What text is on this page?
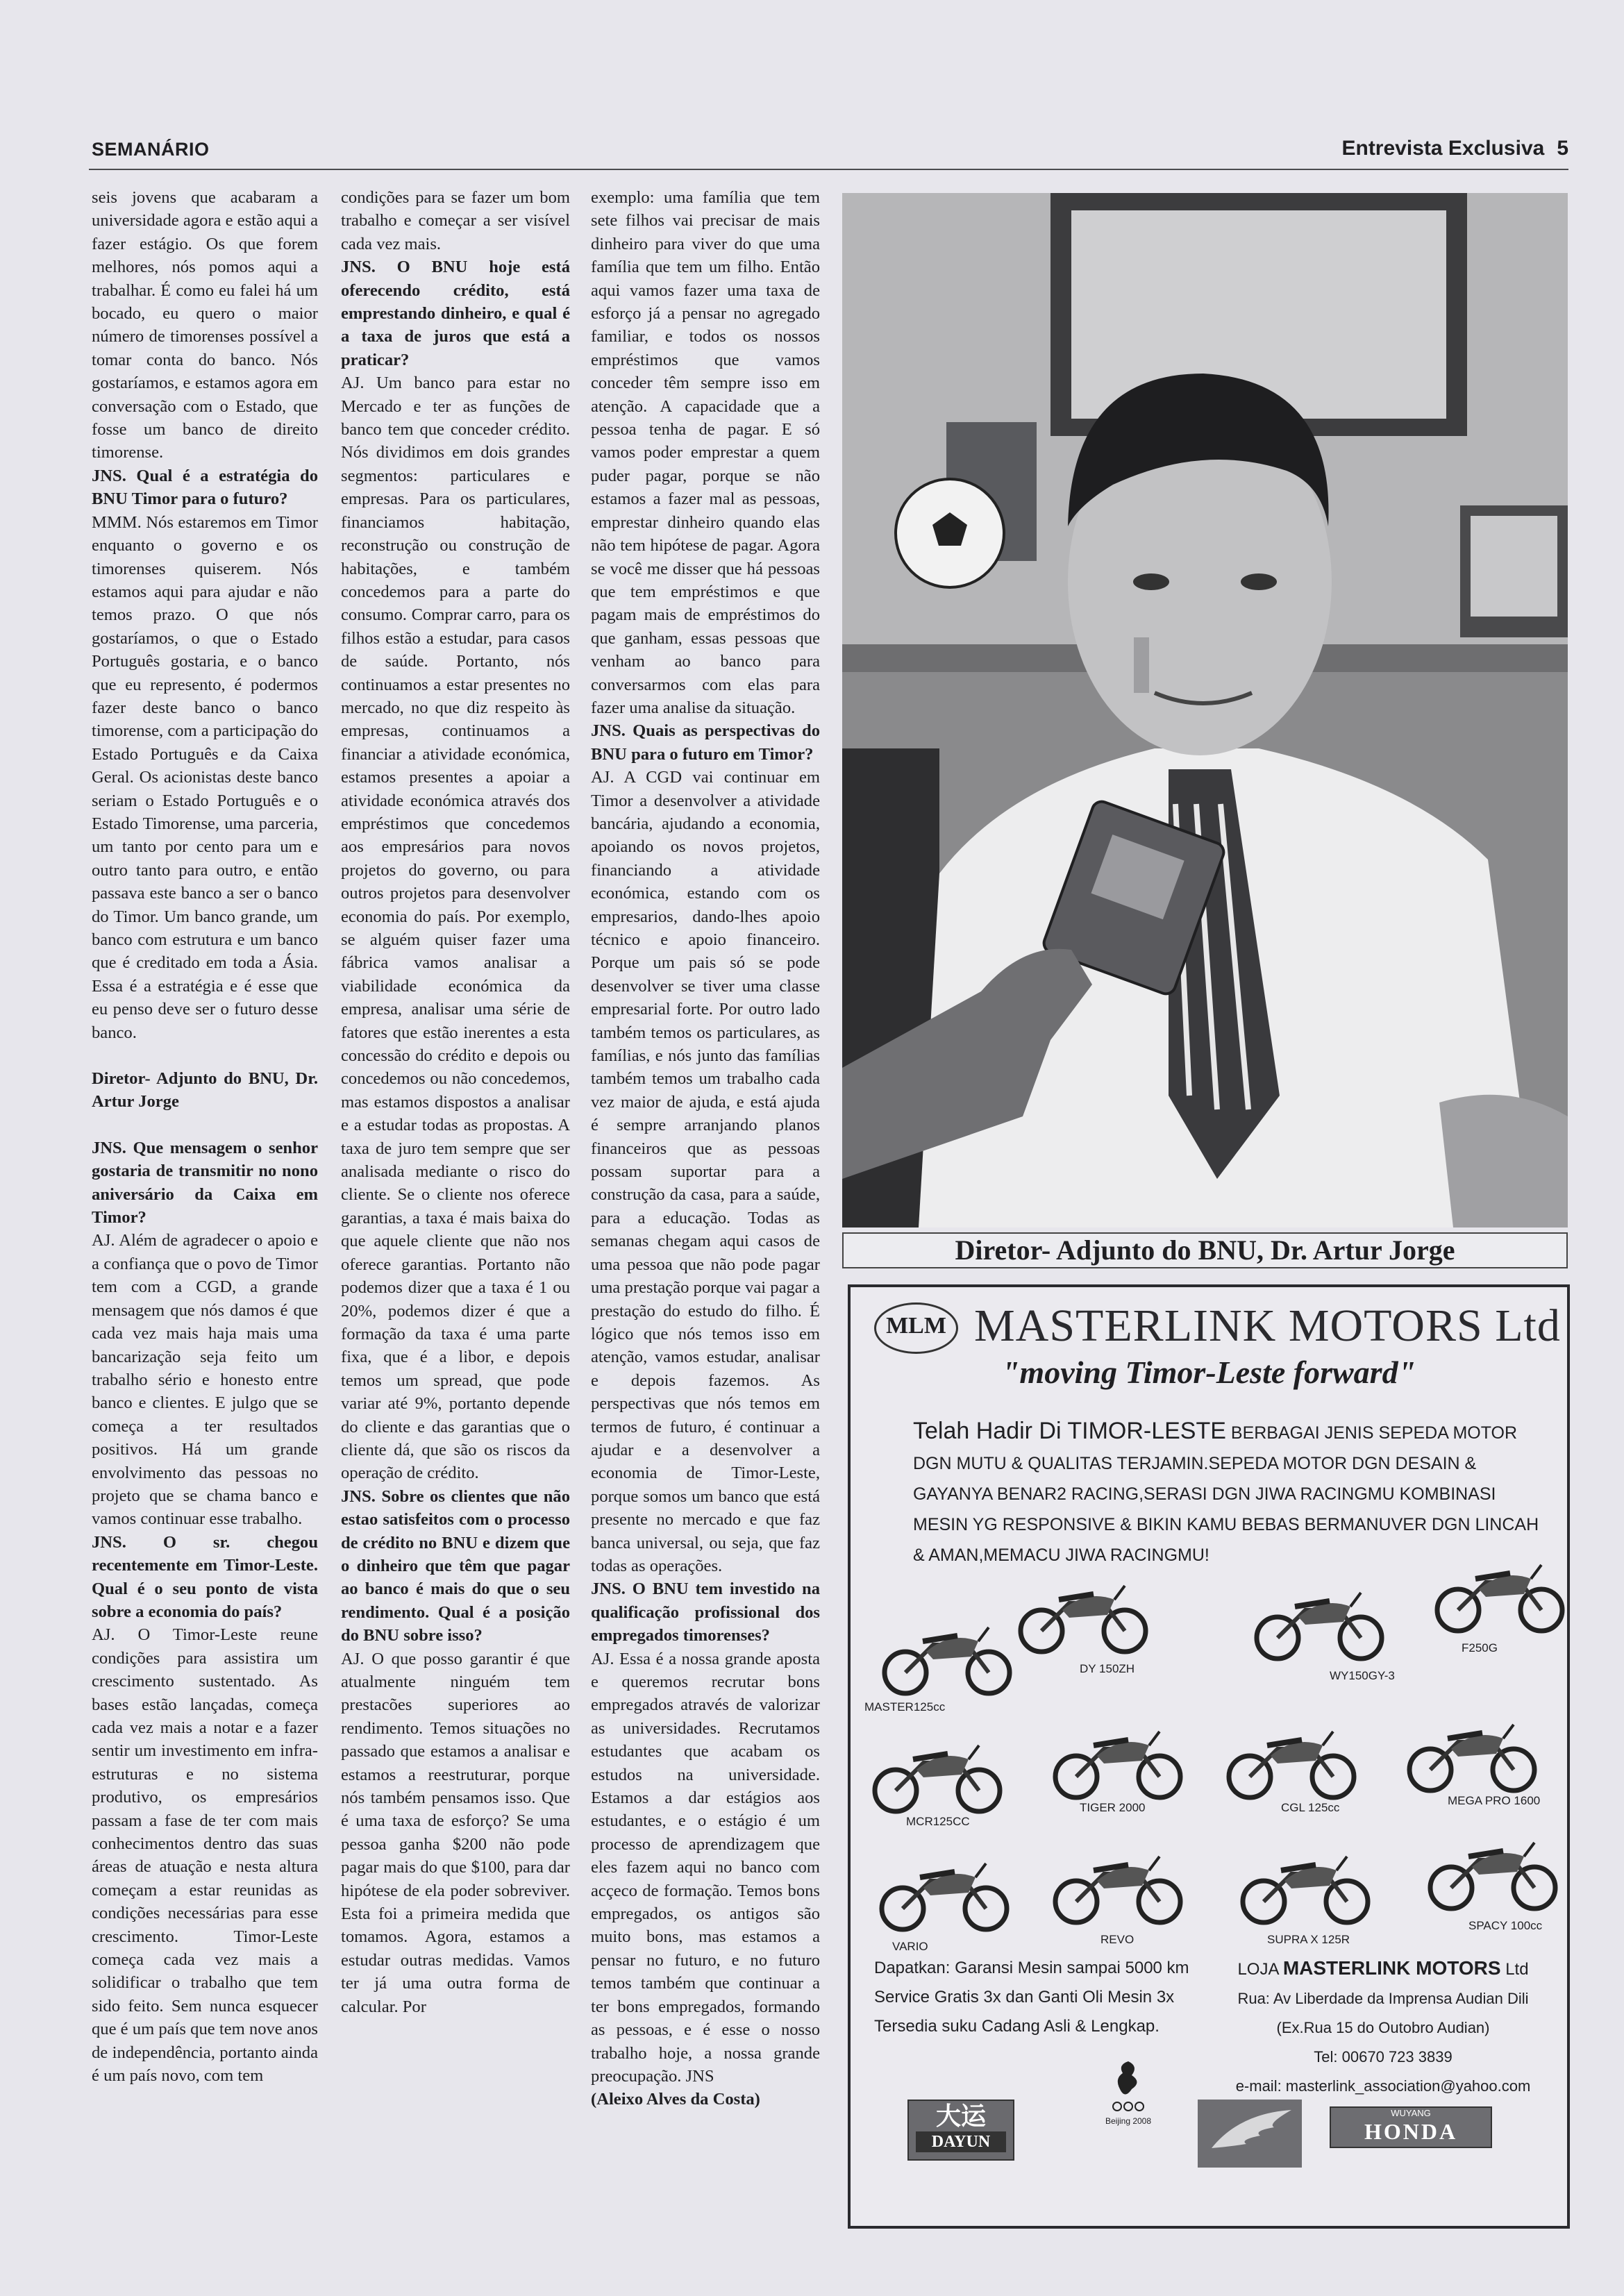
SEMANÁRIO	Entrevista Exclusiva 5

seis jovens que acabaram a universidade agora e estão aqui a fazer estágio. Os que forem melhores, nós pomos aqui a trabalhar. É como eu falei há um bocado, eu quero o maior número de timorenses possível a tomar conta do banco. Nós gostaríamos, e estamos agora em conversação com o Estado, que fosse um banco de direito timorense.

JNS. Qual é a estratégia do BNU Timor para o futuro?

MMM. Nós estaremos em Timor enquanto o governo e os timorenses quiserem. Nós estamos aqui para ajudar e não temos prazo. O que nós gostaríamos, o que o Estado Português gostaria, e o banco que eu represento, é podermos fazer deste banco o banco timorense, com a participação do Estado Português e da Caixa Geral. Os acionistas deste banco seriam o Estado Português e o Estado Timorense, uma parceria, um tanto por cento para um e outro tanto para outro, e então passava este banco a ser o banco do Timor. Um banco grande, um banco com estrutura e um banco que é creditado em toda a Ásia. Essa é a estratégia e é esse que eu penso deve ser o futuro desse banco.

Diretor- Adjunto do BNU, Dr. Artur Jorge

JNS. Que mensagem o senhor gostaria de transmitir no nono aniversário da Caixa em Timor?

AJ. Além de agradecer o apoio e a confiança que o povo de Timor tem com a CGD, a grande mensagem que nós damos é que cada vez mais haja mais uma bancarização seja feito um trabalho sério e honesto entre banco e clientes. E julgo que se começa a ter resultados positivos. Há um grande envolvimento das pessoas no projeto que se chama banco e vamos continuar esse trabalho.

JNS. O sr. chegou recentemente em Timor-Leste. Qual é o seu ponto de vista sobre a economia do país?

AJ. O Timor-Leste reune condições para assistira um crescimento sustentado. As bases estão lançadas, começa cada vez mais a notar e a fazer sentir um investimento em infra-estruturas e no sistema produtivo, os empresários passam a fase de ter com mais conhecimentos dentro das suas áreas de atuação e nesta altura começam a estar reunidas as condições necessárias para esse crescimento. Timor-Leste começa cada vez mais a solidificar o trabalho que tem sido feito. Sem nunca esquecer que é um país que tem nove anos de independência, portanto ainda é um país novo, com tem

condições para se fazer um bom trabalho e começar a ser visível cada vez mais.

JNS. O BNU hoje está oferecendo crédito, está emprestando dinheiro, e qual é a taxa de juros que está a praticar?

AJ. Um banco para estar no Mercado e ter as funções de banco tem que conceder crédito. Nós dividimos em dois grandes segmentos: particulares e empresas. Para os particulares, financiamos habitação, reconstrução ou construção de habitações, e também concedemos para a parte do consumo. Comprar carro, para os filhos estão a estudar, para casos de saúde. Portanto, nós continuamos a estar presentes no mercado, no que diz respeito às empresas, continuamos a financiar a atividade económica, estamos presentes a apoiar a atividade económica através dos empréstimos que concedemos aos empresários para novos projetos do governo, ou para outros projetos para desenvolver economia do país. Por exemplo, se alguém quiser fazer uma fábrica vamos analisar a viabilidade económica da empresa, analisar uma série de fatores que estão inerentes a esta concessão do crédito e depois ou concedemos ou não concedemos, mas estamos dispostos a analisar e a estudar todas as propostas. A taxa de juro tem sempre que ser analisada mediante o risco do cliente. Se o cliente nos oferece garantias, a taxa é mais baixa do que aquele cliente que não nos oferece garantias. Portanto não podemos dizer que a taxa é 1 ou 20%, podemos dizer é que a formação da taxa é uma parte fixa, que é a libor, e depois temos um spread, que pode variar até 9%, portanto depende do cliente e das garantias que o cliente dá, que são os riscos da operação de crédito.

JNS. Sobre os clientes que não estao satisfeitos com o processo de crédito no BNU e dizem que o dinheiro que têm que pagar ao banco é mais do que o seu rendimento. Qual é a posição do BNU sobre isso?

AJ. O que posso garantir é que atualmente ninguém tem prestacões superiores ao rendimento. Temos situações no passado que estamos a analisar e estamos a reestruturar, porque nós também pensamos isso. Que é uma taxa de esforço? Se uma pessoa ganha $200 não pode pagar mais do que $100, para dar hipótese de ela poder sobreviver. Esta foi a primeira medida que tomamos. Agora, estamos a estudar outras medidas. Vamos ter já uma outra forma de calcular. Por

exemplo: uma família que tem sete filhos vai precisar de mais dinheiro para viver do que uma família que tem um filho. Então aqui vamos fazer uma taxa de esforço já a pensar no agregado familiar, e todos os nossos empréstimos que vamos conceder têm sempre isso em atenção. A capacidade que a pessoa tenha de pagar. E só vamos poder emprestar a quem puder pagar, porque se não estamos a fazer mal as pessoas, emprestar dinheiro quando elas não tem hipótese de pagar. Agora se você me disser que há pessoas que tem empréstimos e que pagam mais de empréstimos do que ganham, essas pessoas que venham ao banco para conversarmos com elas para fazer uma analise da situação.

JNS. Quais as perspectivas do BNU para o futuro em Timor?

AJ. A CGD vai continuar em Timor a desenvolver a atividade bancária, ajudando a economia, apoiando os novos projetos, financiando a atividade económica, estando com os empresarios, dando-lhes apoio técnico e apoio financeiro. Porque um pais só se pode desenvolver se tiver uma classe empresarial forte. Por outro lado também temos os particulares, as famílias, e nós junto das famílias também temos um trabalho cada vez maior de ajuda, e está ajuda é sempre arranjando planos financeiros que as pessoas possam suportar para a construção da casa, para a saúde, para a educação. Todas as semanas chegam aqui casos de uma pessoa que não pode pagar uma prestação porque vai pagar a prestação do estudo do filho. É lógico que nós temos isso em atenção, vamos estudar, analisar e depois fazemos. As perspectivas que nós temos em termos de futuro, é continuar a ajudar e a desenvolver a economia de Timor-Leste, porque somos um banco que está presente no mercado e que faz banca universal, ou seja, que faz todas as operações.

JNS. O BNU tem investido na qualificação profissional dos empregados timorenses?

AJ. Essa é a nossa grande aposta e queremos recrutar bons empregados através de valorizar as universidades. Recrutamos estudantes que acabam os estudos na universidade. Estamos a dar estágios aos estudantes, e o estágio é um processo de aprendizagem que eles fazem aqui no banco com acçeco de formação. Temos bons empregados, os antigos são muito bons, mas estamos a pensar no futuro, e no futuro temos também que continuar a ter bons empregados, formando as pessoas, e é esse o nosso trabalho hoje, a nossa grande preocupação. JNS

(Aleixo Alves da Costa)

Diretor- Adjunto do BNU, Dr. Artur Jorge
MLM MASTERLINK MOTORS Ltd
"moving Timor-Leste forward"
Telah Hadir Di TIMOR-LESTE BERBAGAI JENIS SEPEDA MOTOR DGN MUTU & QUALITAS TERJAMIN.SEPEDA MOTOR DGN DESAIN & GAYANYA BENAR2 RACING,SERASI DGN JIWA RACINGMU KOMBINASI MESIN YG RESPONSIVE & BIKIN KAMU BEBAS BERMANUVER DGN LINCAH & AMAN,MEMACU JIWA RACINGMU!
MASTER125cc
DY 150ZH
WY150GY-3
F250G
MCR125CC
TIGER 2000	CGL 125cc
MEGA PRO 1600
VARIO
REVO	SUPRA X 125R
SPACY 100cc
Dapatkan: Garansi Mesin sampai 5000 km
Service Gratis 3x dan Ganti Oli Mesin 3x
Tersedia suku Cadang Asli & Lengkap.
LOJA MASTERLINK MOTORS Ltd
Rua: Av Liberdade da Imprensa Audian Dili
(Ex.Rua 15 do Outobro Audian)
Tel: 00670 723 3839
e-mail: masterlink_association@yahoo.com
大运
DAYUN
Beijing 2008
WUYANG
HONDA
